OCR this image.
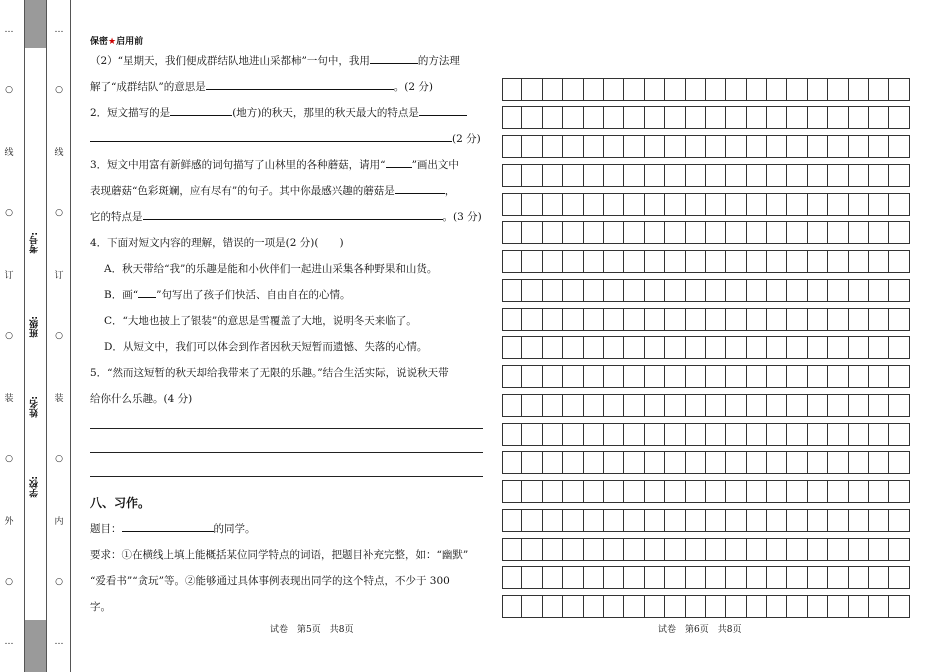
…
○
线
○
订
○
装
○
外
○
…
考号:
班级:
姓名:
学校:
…
○
线
○
订
○
装
○
内
○
…
保密★启用前
（2）“星期天，我们便成群结队地进山采都柿”一句中，我用	的方法理
解了“成群结队”的意思是	。(2 分)
2．短文描写的是	(地方)的秋天，那里的秋天最大的特点是
(2 分)
3．短文中用富有新鲜感的词句描写了山林里的各种蘑菇，请用“ ”画出文中
表现蘑菇“色彩斑斓，应有尽有”的句子。其中你最感兴趣的蘑菇是	，
它的特点是	。(3 分)
4．下面对短文内容的理解，错误的一项是(2 分)(　　)
A．秋天带给“我”的乐趣是能和小伙伴们一起进山采集各种野果和山货。
B．画“ ”句写出了孩子们快活、自由自在的心情。
C．“大地也披上了银装”的意思是雪覆盖了大地，说明冬天来临了。
D．从短文中，我们可以体会到作者因秋天短暂而遗憾、失落的心情。
5．“然而这短暂的秋天却给我带来了无限的乐趣。”结合生活实际，说说秋天带
给你什么乐趣。(4 分)
八、习作。
题目：	的同学。
要求：①在横线上填上能概括某位同学特点的词语，把题目补充完整，如：“幽默”
“爱看书”“贪玩”等。②能够通过具体事例表现出同学的这个特点，不少于 300
字。
试卷　第5页　共8页	试卷　第6页　共8页
